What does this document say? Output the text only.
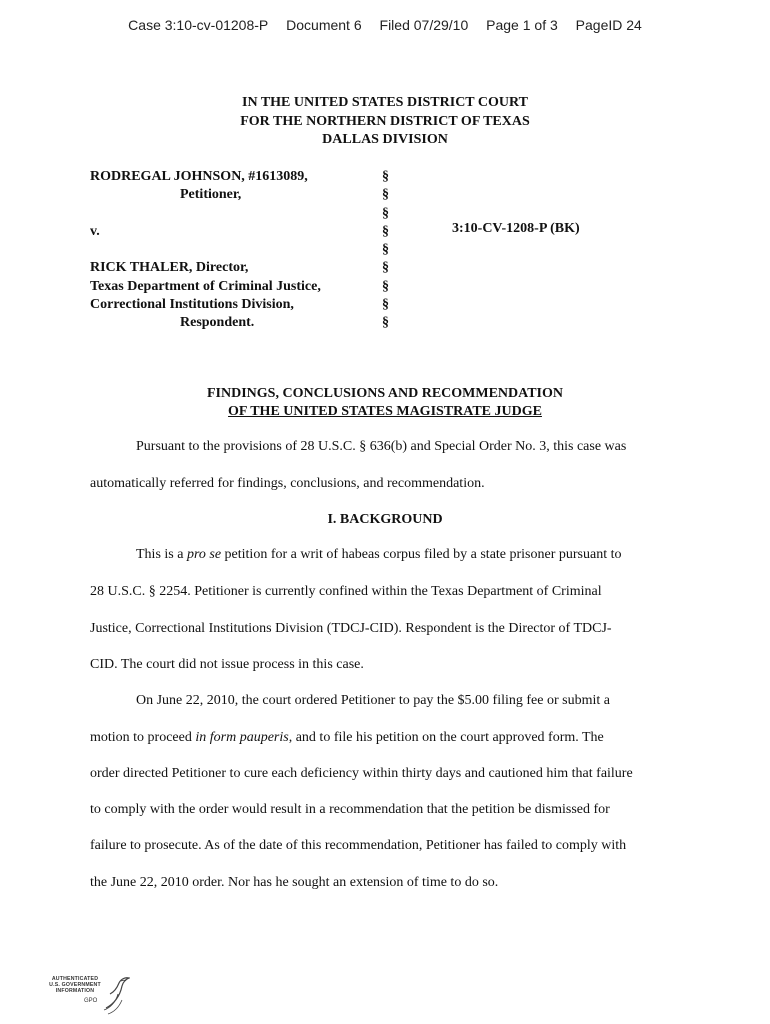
Case 3:10-cv-01208-P Document 6 Filed 07/29/10 Page 1 of 3 PageID 24
IN THE UNITED STATES DISTRICT COURT
FOR THE NORTHERN DISTRICT OF TEXAS
DALLAS DIVISION
RODREGAL JOHNSON, #1613089,
Petitioner,
v.
RICK THALER, Director,
Texas Department of Criminal Justice,
Correctional Institutions Division,
Respondent.
§
§
§
§
§
§
§
§
§
3:10-CV-1208-P (BK)
FINDINGS, CONCLUSIONS AND RECOMMENDATION
OF THE UNITED STATES MAGISTRATE JUDGE
Pursuant to the provisions of 28 U.S.C. § 636(b) and Special Order No. 3, this case was
automatically referred for findings, conclusions, and recommendation.
I. BACKGROUND
This is a pro se petition for a writ of habeas corpus filed by a state prisoner pursuant to
28 U.S.C. § 2254. Petitioner is currently confined within the Texas Department of Criminal
Justice, Correctional Institutions Division (TDCJ-CID). Respondent is the Director of TDCJ-
CID. The court did not issue process in this case.
On June 22, 2010, the court ordered Petitioner to pay the $5.00 filing fee or submit a
motion to proceed in form pauperis, and to file his petition on the court approved form. The
order directed Petitioner to cure each deficiency within thirty days and cautioned him that failure
to comply with the order would result in a recommendation that the petition be dismissed for
failure to prosecute. As of the date of this recommendation, Petitioner has failed to comply with
the June 22, 2010 order. Nor has he sought an extension of time to do so.
AUTHENTICATED
U.S. GOVERNMENT
INFORMATION
GPO
